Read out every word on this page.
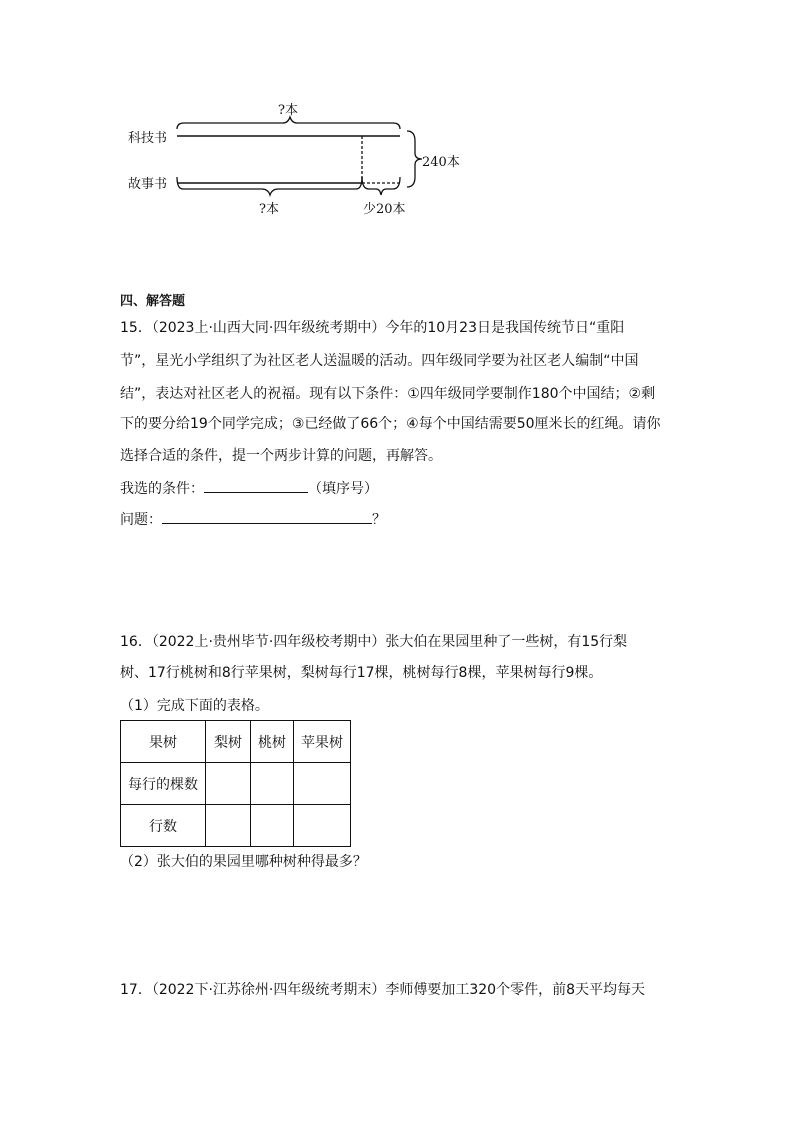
?本
科技书
故事书
240本
?本	少20本
四、解答题
15．（2023上·山西大同·四年级统考期中）今年的10月23日是我国传统节日“重阳
节”，星光小学组织了为社区老人送温暖的活动。四年级同学要为社区老人编制“中国
结”，表达对社区老人的祝福。现有以下条件：①四年级同学要制作180个中国结；②剩
下的要分给19个同学完成；③已经做了66个；④每个中国结需要50厘米长的红绳。请你
选择合适的条件，提一个两步计算的问题，再解答。
我选的条件：	（填序号）
问题：	？
16．（2022上·贵州毕节·四年级校考期中）张大伯在果园里种了一些树，有15行梨
树、17行桃树和8行苹果树，梨树每行17棵，桃树每行8棵，苹果树每行9棵。
（1）完成下面的表格。
果树	梨树	桃树	苹果树
每行的棵数			
行数			
（2）张大伯的果园里哪种树种得最多？
17．（2022下·江苏徐州·四年级统考期末）李师傅要加工320个零件，前8天平均每天
